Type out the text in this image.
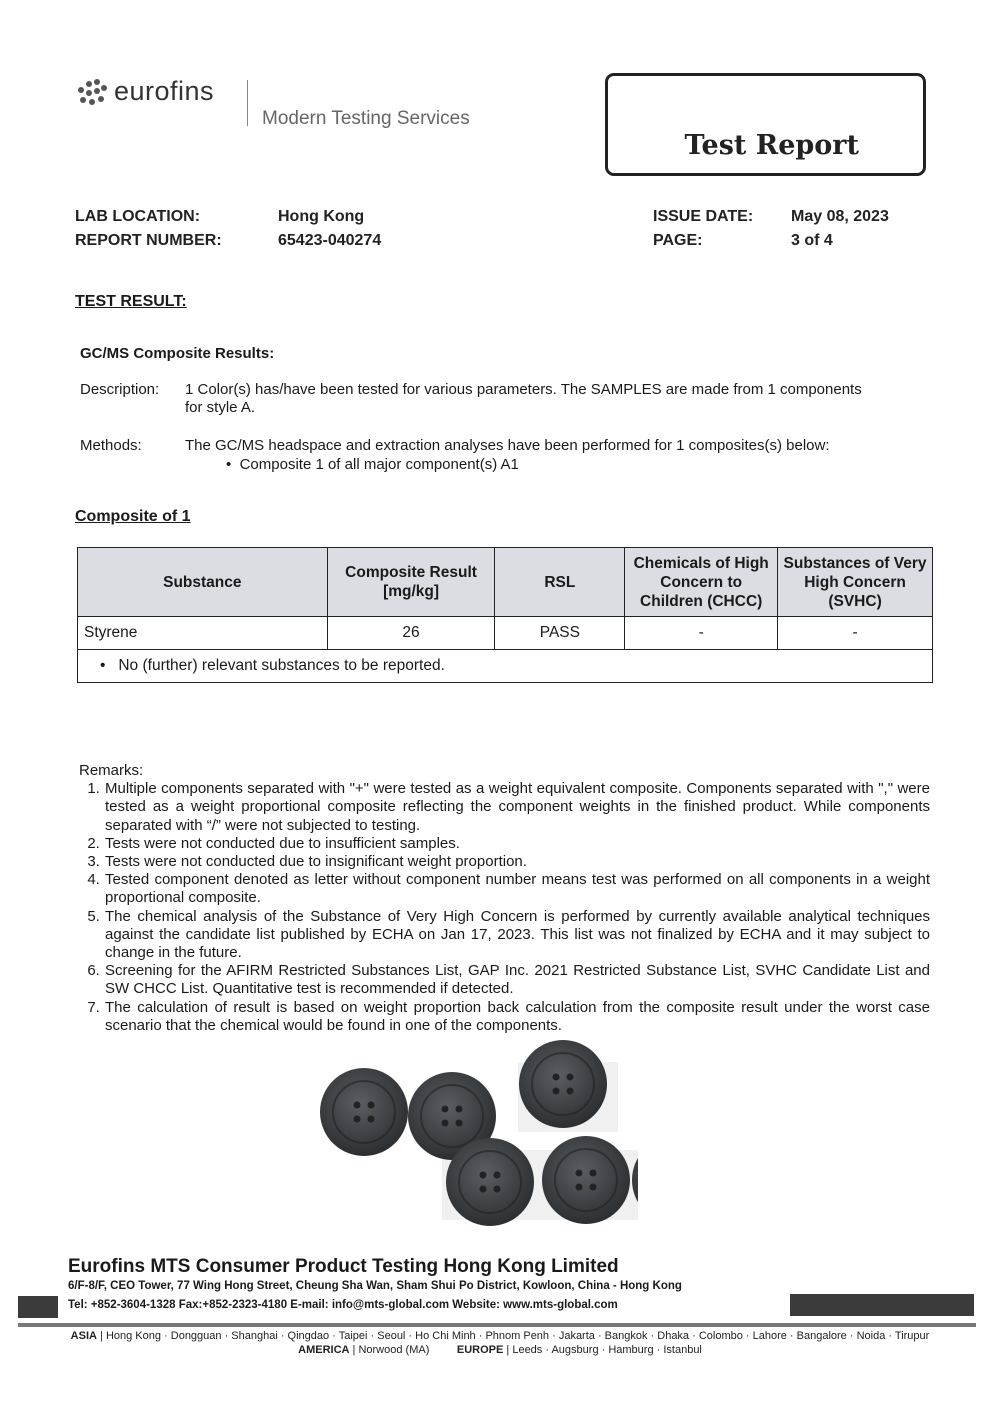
eurofins
Modern Testing Services
Test Report
LAB LOCATION:	Hong Kong
REPORT NUMBER:	65423-040274
ISSUE DATE: May 08, 2023
PAGE:	3 of 4
TEST RESULT:
GC/MS Composite Results:
Description: 1 Color(s) has/have been tested for various parameters. The SAMPLES are made from 1 components
for style A.
Methods:	The GC/MS headspace and extraction analyses have been performed for 1 composites(s) below:
•  Composite 1 of all major component(s) A1
Composite of 1
Substance	Composite Result [mg/kg]	RSL	Chemicals of High Concern to Children (CHCC)	Substances of Very High Concern (SVHC)
Styrene	26	PASS	-	-
•   No (further) relevant substances to be reported.				
Remarks:
1. Multiple components separated with "+" were tested as a weight equivalent composite. Components separated with "," were tested as a weight proportional composite reflecting the component weights in the finished product. While components separated with “/” were not subjected to testing.
2. Tests were not conducted due to insufficient samples.
3. Tests were not conducted due to insignificant weight proportion.
4. Tested component denoted as letter without component number means test was performed on all components in a weight proportional composite.
5. The chemical analysis of the Substance of Very High Concern is performed by currently available analytical techniques against the candidate list published by ECHA on Jan 17, 2023. This list was not finalized by ECHA and it may subject to change in the future.
6. Screening for the AFIRM Restricted Substances List, GAP Inc. 2021 Restricted Substance List, SVHC Candidate List and SW CHCC List. Quantitative test is recommended if detected.
7. The calculation of result is based on weight proportion back calculation from the composite result under the worst case scenario that the chemical would be found in one of the components.
Eurofins MTS Consumer Product Testing Hong Kong Limited
6/F-8/F, CEO Tower, 77 Wing Hong Street, Cheung Sha Wan, Sham Shui Po District, Kowloon, China - Hong Kong
Tel: +852-3604-1328 Fax:+852-2323-4180 E-mail: info@mts-global.com Website: www.mts-global.com
ASIA | Hong Kong · Dongguan · Shanghai · Qingdao · Taipei · Seoul · Ho Chi Minh · Phnom Penh · Jakarta · Bangkok · Dhaka · Colombo · Lahore · Bangalore · Noida · Tirupur
AMERICA | Norwood (MA)	EUROPE | Leeds · Augsburg · Hamburg · Istanbul
